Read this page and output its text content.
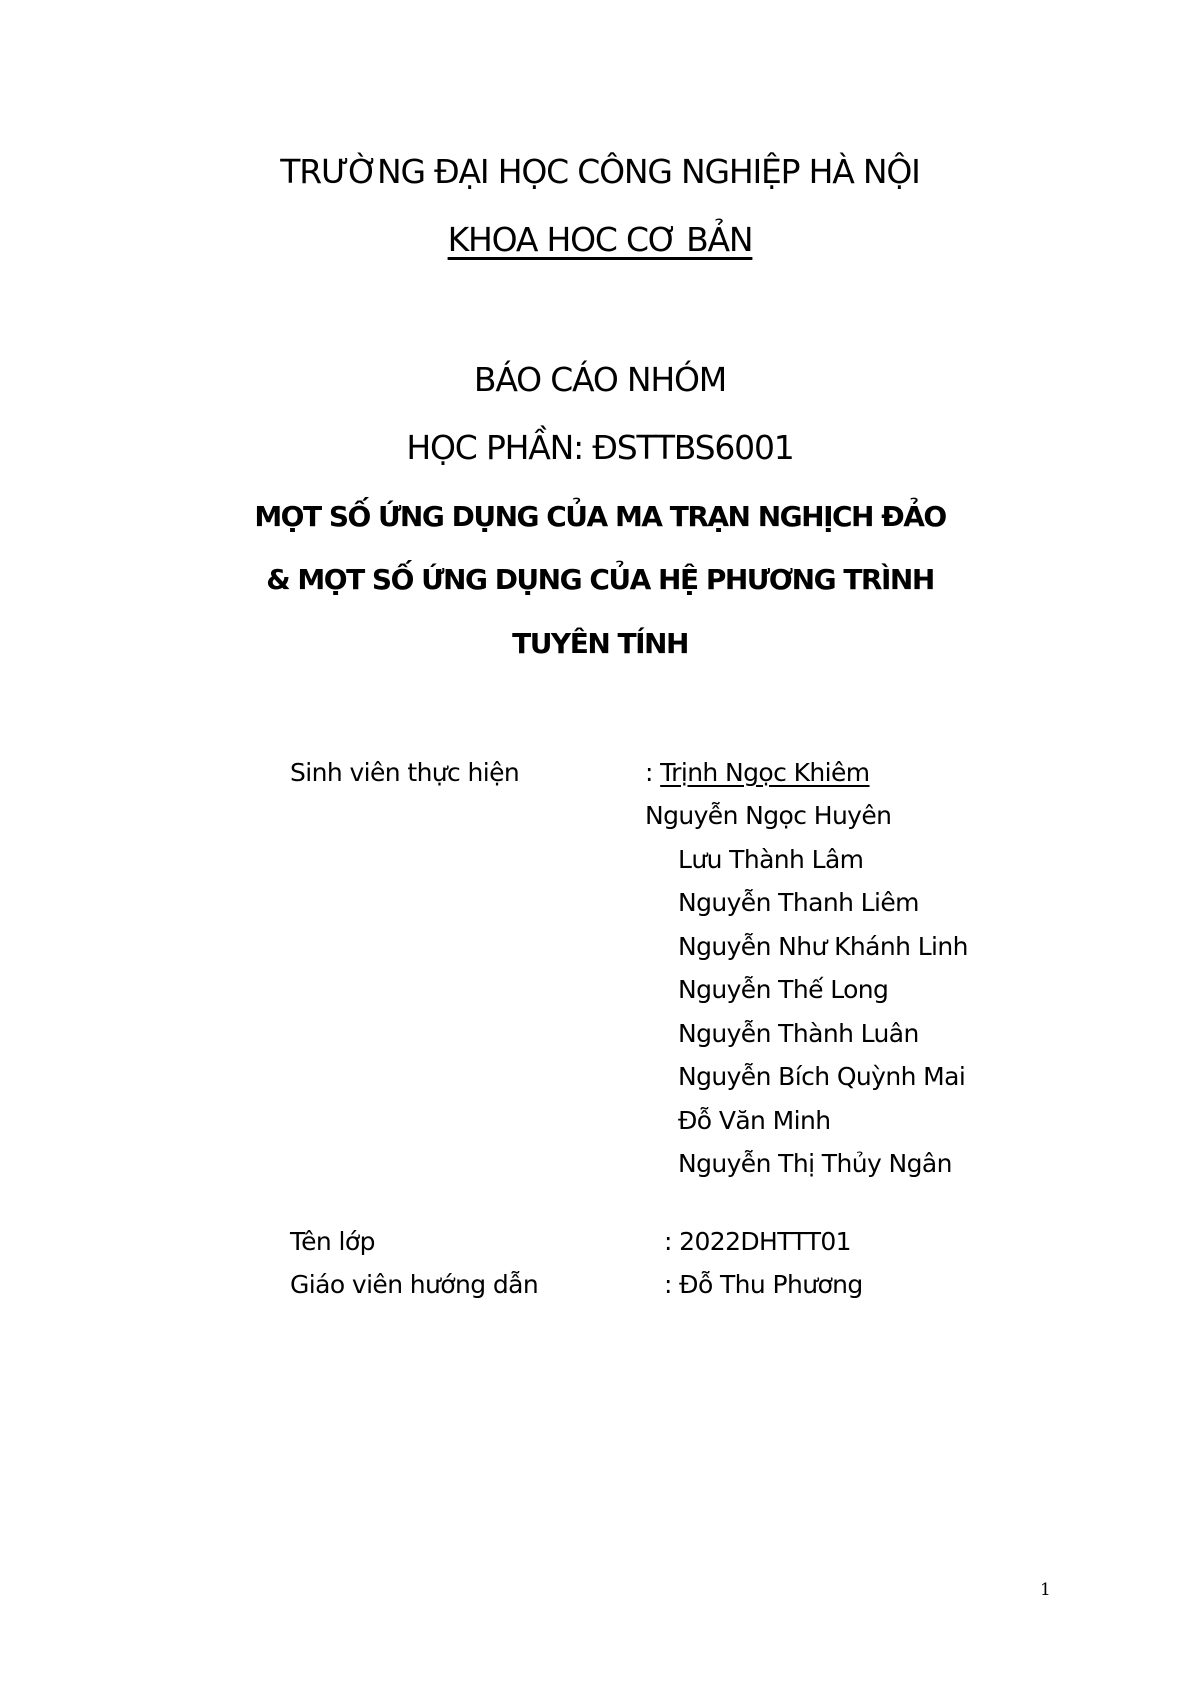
TRƯỜNG ĐẠI HỌC CÔNG NGHIỆP HÀ NỘI
KHOA HOC CƠ BẢN
BÁO CÁO NHÓM
HỌC PHẦN: ĐSTTBS6001
MỌT SỐ ỨNG DỤNG CỦA MA TRẠN NGHỊCH ĐẢO
& MỌT SỐ ỨNG DỤNG CỦA HỆ PHƯƠNG TRÌNH
TUYÊN TÍNH
Sinh viên thực hiện	: Trịnh Ngọc Khiêm
Nguyễn Ngọc Huyên
Lưu Thành Lâm
Nguyễn Thanh Liêm
Nguyễn Như Khánh Linh
Nguyễn Thế Long
Nguyễn Thành Luân
Nguyễn Bích Quỳnh Mai
Đỗ Văn Minh
Nguyễn Thị Thủy Ngân
Tên lớp	: 2022DHTTT01
Giáo viên hướng dẫn	: Đỗ Thu Phương
1
